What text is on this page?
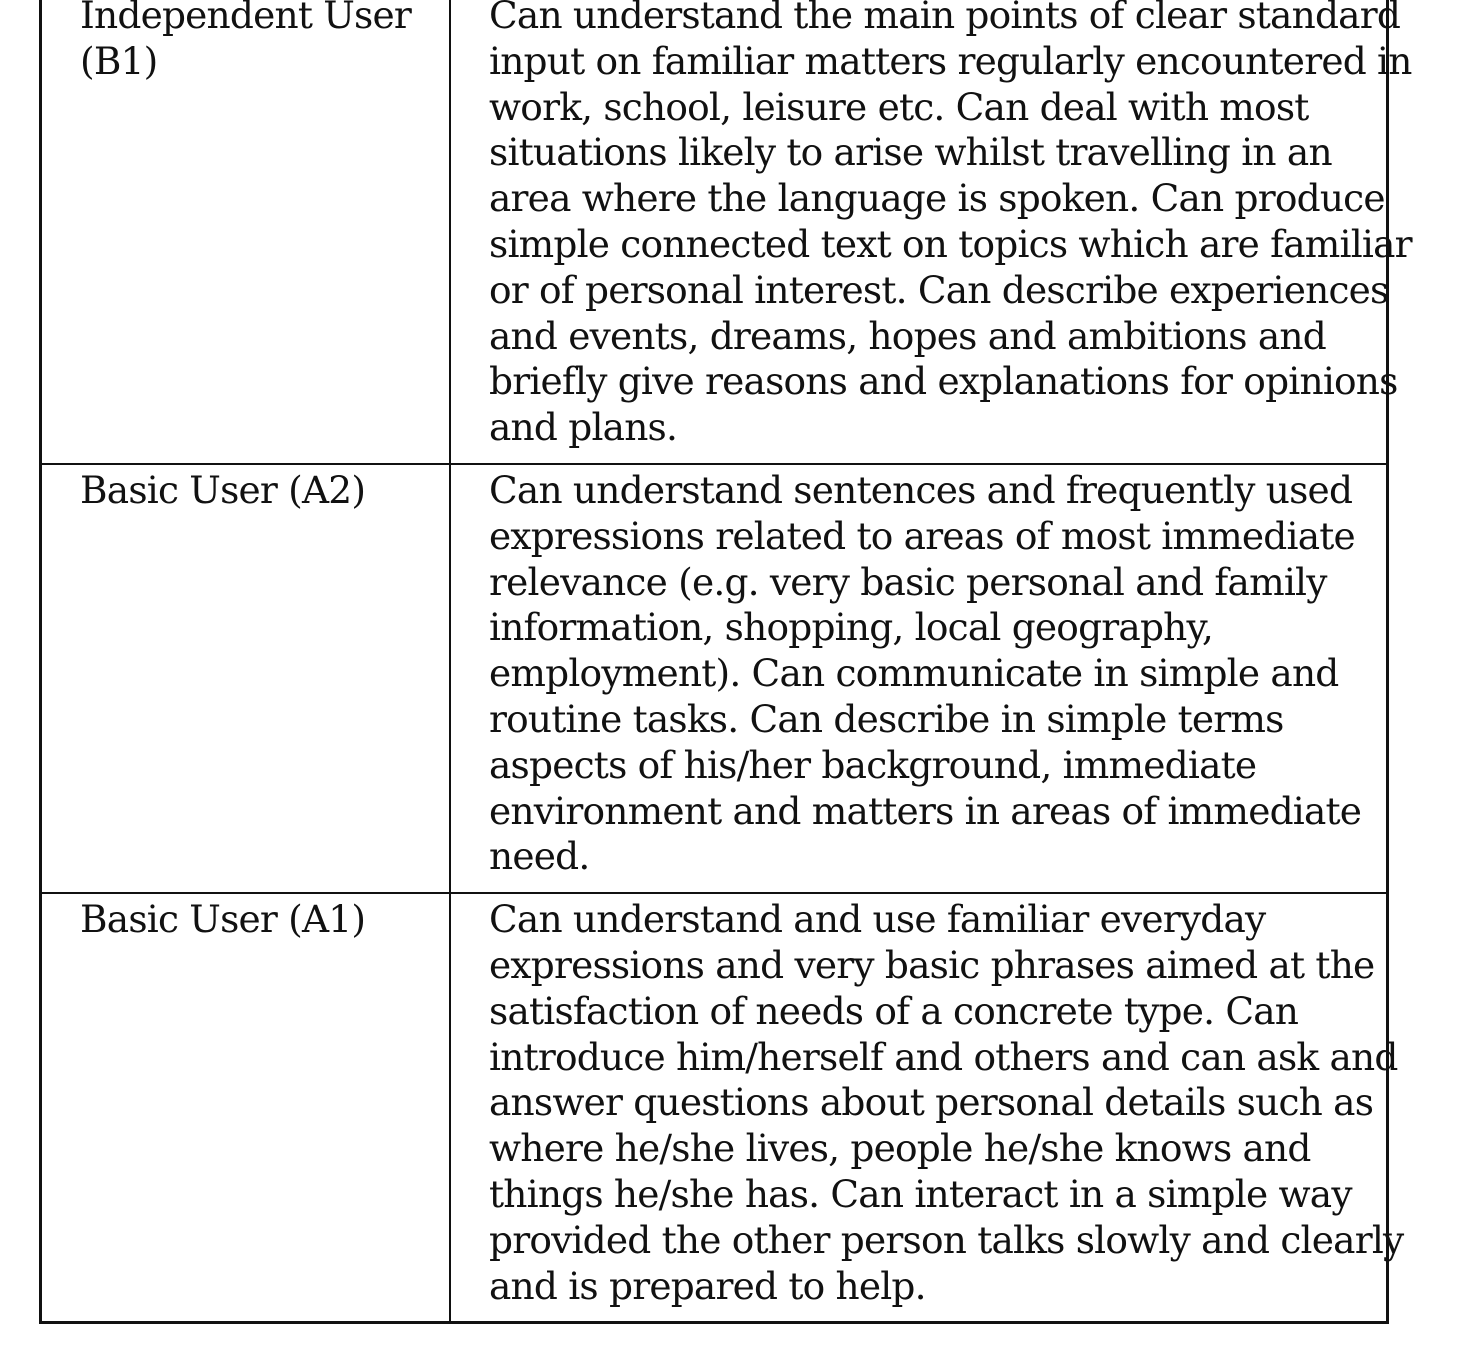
Independent User
(B1)
Can understand the main points of clear standard
input on familiar matters regularly encountered in
work, school, leisure etc. Can deal with most
situations likely to arise whilst travelling in an
area where the language is spoken. Can produce
simple connected text on topics which are familiar
or of personal interest. Can describe experiences
and events, dreams, hopes and ambitions and
briefly give reasons and explanations for opinions
and plans.
Basic User (A2)	Can understand sentences and frequently used
expressions related to areas of most immediate
relevance (e.g. very basic personal and family
information, shopping, local geography,
employment). Can communicate in simple and
routine tasks. Can describe in simple terms
aspects of his/her background, immediate
environment and matters in areas of immediate
need.
Basic User (A1)	Can understand and use familiar everyday
expressions and very basic phrases aimed at the
satisfaction of needs of a concrete type. Can
introduce him/herself and others and can ask and
answer questions about personal details such as
where he/she lives, people he/she knows and
things he/she has. Can interact in a simple way
provided the other person talks slowly and clearly
and is prepared to help.
